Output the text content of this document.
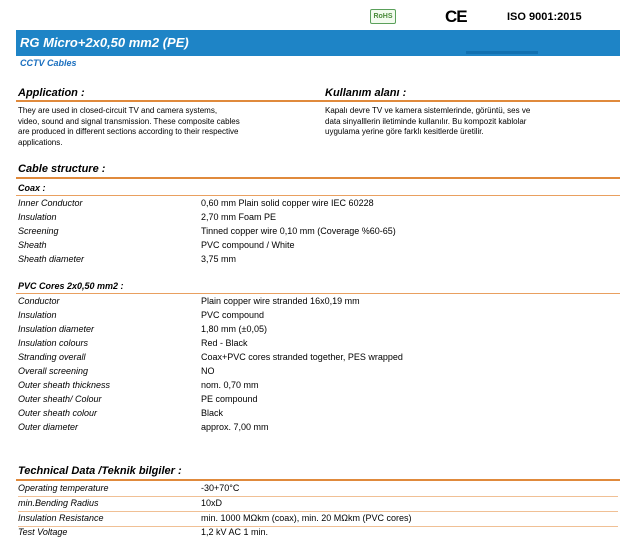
RoHS	CE	ISO 9001:2015
RG Micro+2x0,50 mm2 (PE)
CCTV Cables
Application :	Kullanım alanı :
They are used in closed-circuit TV and camera systems,
video, sound and signal transmission. These composite cables
are produced in different sections according to their respective
applications.
Kapalı devre TV ve kamera sistemlerinde, görüntü, ses ve
data sinyalllerin iletiminde kullanılır. Bu kompozit kablolar
uygulama yerine göre farklı kesitlerde üretilir.
Cable structure :
Coax :
Inner Conductor	0,60 mm Plain solid copper wire IEC 60228
Insulation	2,70 mm Foam PE
Screening	Tinned copper wire 0,10 mm (Coverage %60-65)
Sheath	PVC compound / White
Sheath diameter	3,75 mm
PVC Cores 2x0,50 mm2 :
Conductor	Plain copper wire stranded 16x0,19 mm
Insulation	PVC compound
Insulation diameter	1,80 mm (±0,05)
Insulation colours	Red - Black
Stranding overall	Coax+PVC cores stranded together, PES wrapped
Overall screening	NO
Outer sheath thickness	nom. 0,70 mm
Outer sheath/ Colour	PE compound
Outer sheath colour	Black
Outer diameter	approx. 7,00 mm
Technical Data /Teknik bilgiler :
Operating temperature	-30+70°C
min.Bending Radius	10xD
Insulation Resistance	min. 1000 MΩkm (coax), min. 20 MΩkm (PVC cores)
Test Voltage	1,2 kV AC 1 min.
